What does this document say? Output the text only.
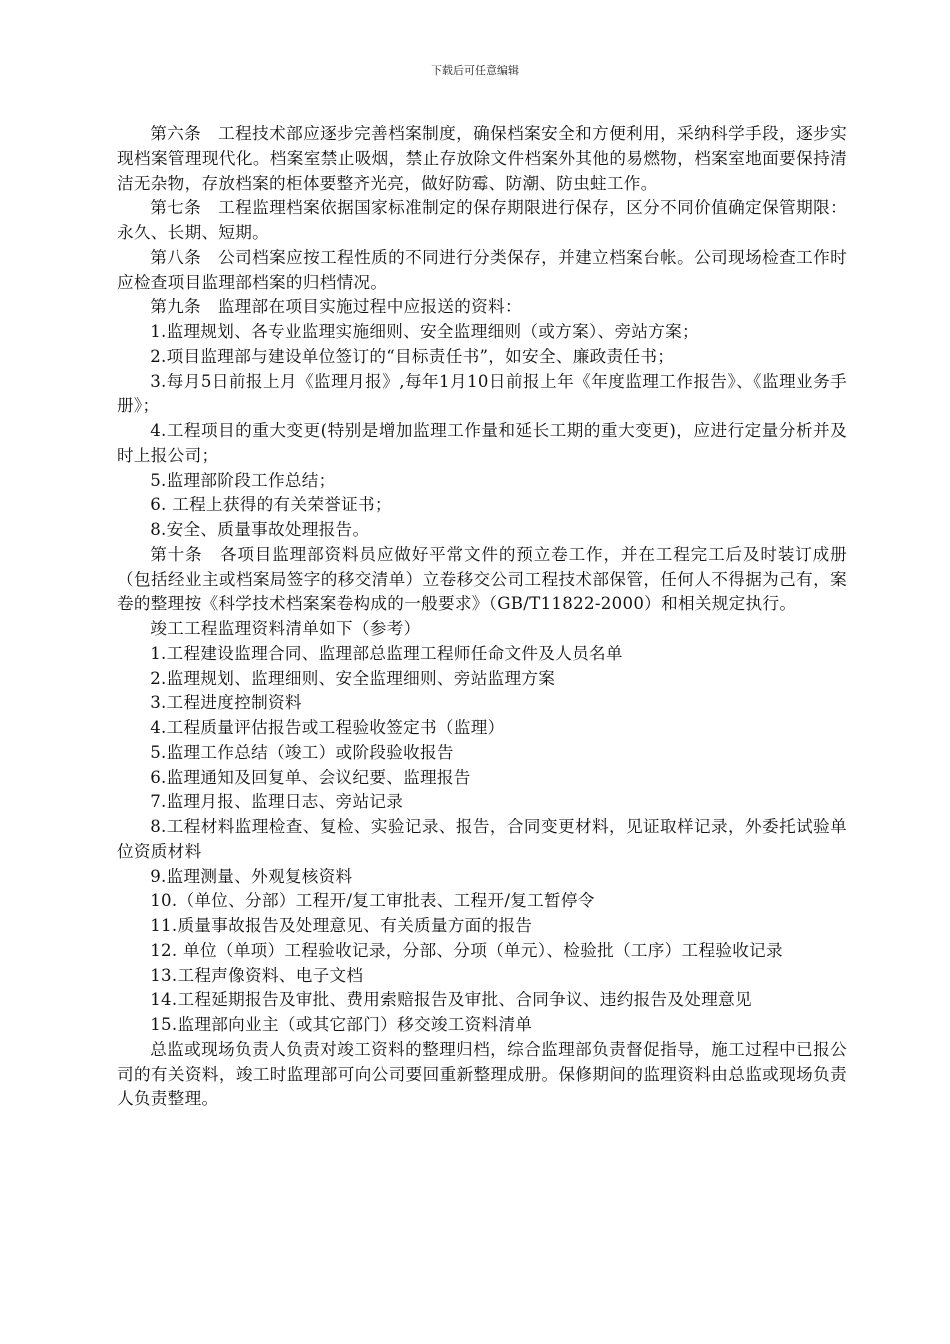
下载后可任意编辑

第六条　工程技术部应逐步完善档案制度，确保档案安全和方便利用，采纳科学手段，逐步实现档案管理现代化。档案室禁止吸烟，禁止存放除文件档案外其他的易燃物，档案室地面要保持清洁无杂物，存放档案的柜体要整齐光亮，做好防霉、防潮、防虫蛀工作。

第七条　工程监理档案依据国家标准制定的保存期限进行保存，区分不同价值确定保管期限：永久、长期、短期。

第八条　公司档案应按工程性质的不同进行分类保存，并建立档案台帐。公司现场检查工作时应检查项目监理部档案的归档情况。

第九条　监理部在项目实施过程中应报送的资料：

1.监理规划、各专业监理实施细则、安全监理细则（或方案）、旁站方案；

2.项目监理部与建设单位签订的“目标责任书”，如安全、廉政责任书；

3.每月5日前报上月《监理月报》,每年1月10日前报上年《年度监理工作报告》、《监理业务手册》；

4.工程项目的重大变更(特别是增加监理工作量和延长工期的重大变更)，应进行定量分析并及时上报公司；

5.监理部阶段工作总结；

6. 工程上获得的有关荣誉证书；

8.安全、质量事故处理报告。

第十条　各项目监理部资料员应做好平常文件的预立卷工作，并在工程完工后及时装订成册（包括经业主或档案局签字的移交清单）立卷移交公司工程技术部保管，任何人不得据为己有，案卷的整理按《科学技术档案案卷构成的一般要求》（GB/T11822-2000）和相关规定执行。

竣工工程监理资料清单如下（参考）

1.工程建设监理合同、监理部总监理工程师任命文件及人员名单

2.监理规划、监理细则、安全监理细则、旁站监理方案

3.工程进度控制资料

4.工程质量评估报告或工程验收签定书（监理）

5.监理工作总结（竣工）或阶段验收报告

6.监理通知及回复单、会议纪要、监理报告

7.监理月报、监理日志、旁站记录

8.工程材料监理检查、复检、实验记录、报告，合同变更材料，见证取样记录，外委托试验单位资质材料

9.监理测量、外观复核资料

10.（单位、分部）工程开/复工审批表、工程开/复工暂停令

11.质量事故报告及处理意见、有关质量方面的报告

12. 单位（单项）工程验收记录，分部、分项（单元）、检验批（工序）工程验收记录

13.工程声像资料、电子文档

14.工程延期报告及审批、费用索赔报告及审批、合同争议、违约报告及处理意见

15.监理部向业主（或其它部门）移交竣工资料清单

总监或现场负责人负责对竣工资料的整理归档，综合监理部负责督促指导，施工过程中已报公司的有关资料，竣工时监理部可向公司要回重新整理成册。保修期间的监理资料由总监或现场负责人负责整理。
